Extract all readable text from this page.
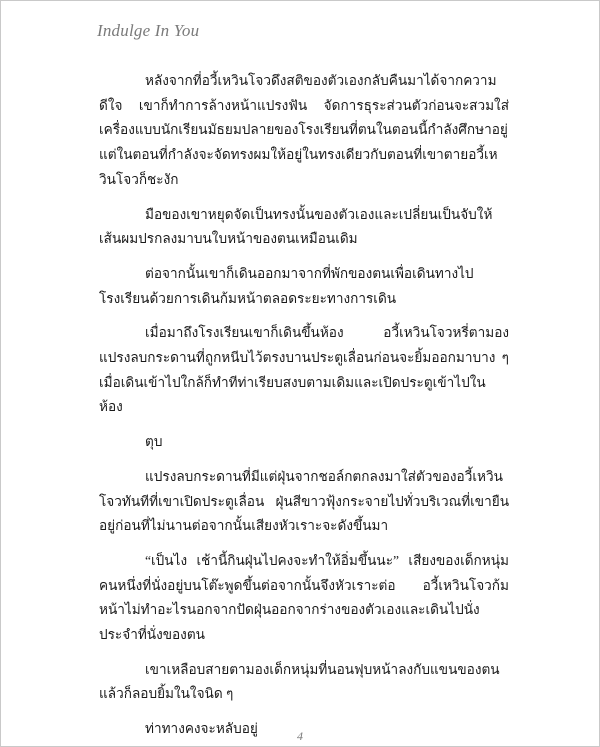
Indulge In You

หลังจากที่อวี้เหวินโจวดึงสติของตัวเองกลับคืนมาได้จากความดีใจ เขาก็ทำการล้างหน้าแปรงฟัน จัดการธุระส่วนตัวก่อนจะสวมใส่เครื่องแบบนักเรียนมัธยมปลายของโรงเรียนที่ตนในตอนนี้กำลังศึกษาอยู่ แต่ในตอนที่กำลังจะจัดทรงผมให้อยู่ในทรงเดียวกับตอนที่เขาตายอวี้เหวินโจวก็ชะงัก

มือของเขาหยุดจัดเป็นทรงนั้นของตัวเองและเปลี่ยนเป็นจับให้เส้นผมปรกลงมาบนใบหน้าของตนเหมือนเดิม

ต่อจากนั้นเขาก็เดินออกมาจากที่พักของตนเพื่อเดินทางไปโรงเรียนด้วยการเดินก้มหน้าตลอดระยะทางการเดิน

เมื่อมาถึงโรงเรียนเขาก็เดินขึ้นห้อง อวี้เหวินโจวหรี่ตามองแปรงลบกระดานที่ถูกหนีบไว้ตรงบานประตูเลื่อนก่อนจะยิ้มออกมาบาง ๆ เมื่อเดินเข้าไปใกล้ก็ทำทีท่าเรียบสงบตามเดิมและเปิดประตูเข้าไปในห้อง

ตุบ

แปรงลบกระดานที่มีแต่ฝุ่นจากชอล์กตกลงมาใส่ตัวของอวี้เหวินโจวทันทีที่เขาเปิดประตูเลื่อน ฝุ่นสีขาวฟุ้งกระจายไปทั่วบริเวณที่เขายืนอยู่ก่อนที่ไม่นานต่อจากนั้นเสียงหัวเราะจะดังขึ้นมา

“เป็นไง เช้านี้กินฝุ่นไปคงจะทำให้อิ่มขึ้นนะ” เสียงของเด็กหนุ่มคนหนึ่งที่นั่งอยู่บนโต๊ะพูดขึ้นต่อจากนั้นจึงหัวเราะต่อ อวี้เหวินโจวก้มหน้าไม่ทำอะไรนอกจากปัดฝุ่นออกจากร่างของตัวเองและเดินไปนั่งประจำที่นั่งของตน

เขาเหลือบสายตามองเด็กหนุ่มที่นอนฟุบหน้าลงกับแขนของตนแล้วก็ลอบยิ้มในใจนิด ๆ

ท่าทางคงจะหลับอยู่	4
